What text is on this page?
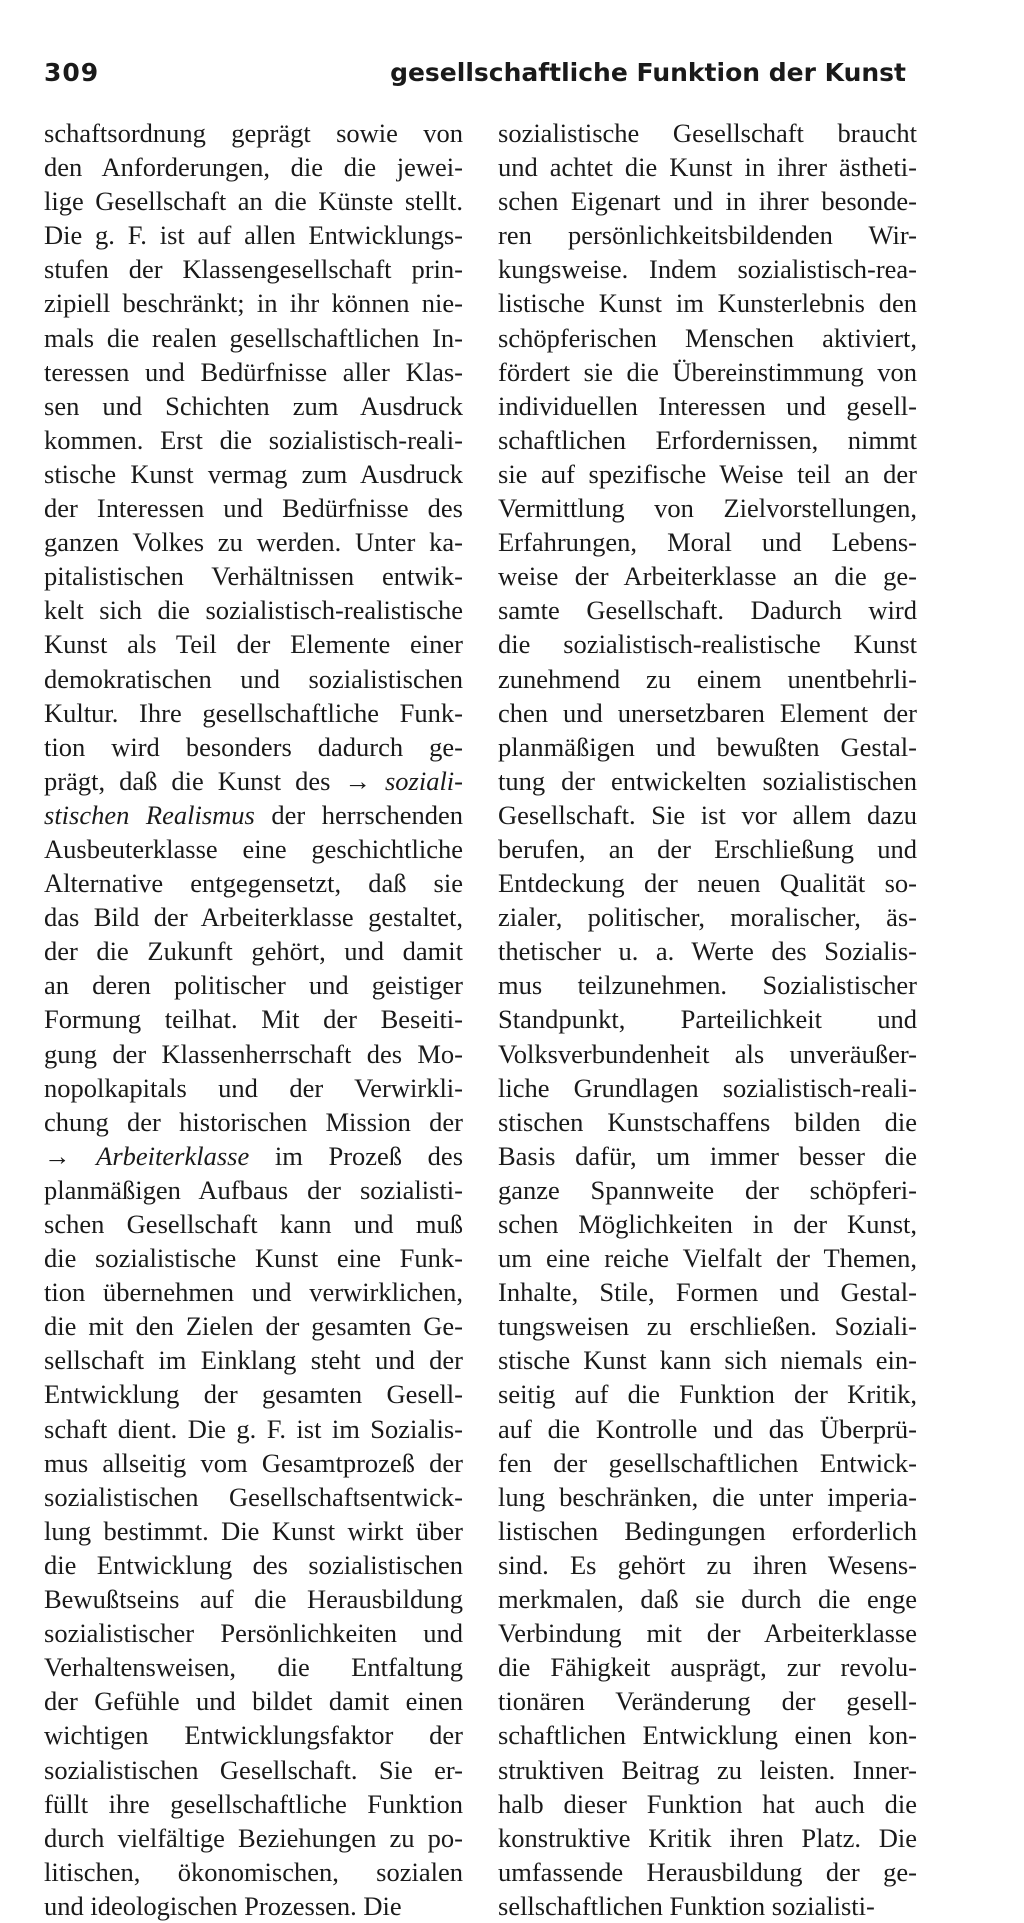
309	gesellschaftliche Funktion der Kunst
schaftsordnung geprägt sowie von
den Anforderungen, die die jewei-
lige Gesellschaft an die Künste stellt.
Die g. F. ist auf allen Entwicklungs-
stufen der Klassengesellschaft prin-
zipiell beschränkt; in ihr können nie-
mals die realen gesellschaftlichen In-
teressen und Bedürfnisse aller Klas-
sen und Schichten zum Ausdruck
kommen. Erst die sozialistisch-reali-
stische Kunst vermag zum Ausdruck
der Interessen und Bedürfnisse des
ganzen Volkes zu werden. Unter ka-
pitalistischen Verhältnissen entwik-
kelt sich die sozialistisch-realistische
Kunst als Teil der Elemente einer
demokratischen und sozialistischen
Kultur. Ihre gesellschaftliche Funk-
tion wird besonders dadurch ge-
prägt, daß die Kunst des → soziali-
stischen Realismus der herrschenden
Ausbeuterklasse eine geschichtliche
Alternative entgegensetzt, daß sie
das Bild der Arbeiterklasse gestaltet,
der die Zukunft gehört, und damit
an deren politischer und geistiger
Formung teilhat. Mit der Beseiti-
gung der Klassenherrschaft des Mo-
nopolkapitals und der Verwirkli-
chung der historischen Mission der
→ Arbeiterklasse im Prozeß des
planmäßigen Aufbaus der sozialisti-
schen Gesellschaft kann und muß
die sozialistische Kunst eine Funk-
tion übernehmen und verwirklichen,
die mit den Zielen der gesamten Ge-
sellschaft im Einklang steht und der
Entwicklung der gesamten Gesell-
schaft dient. Die g. F. ist im Sozialis-
mus allseitig vom Gesamtprozeß der
sozialistischen Gesellschaftsentwick-
lung bestimmt. Die Kunst wirkt über
die Entwicklung des sozialistischen
Bewußtseins auf die Herausbildung
sozialistischer Persönlichkeiten und
Verhaltensweisen, die Entfaltung
der Gefühle und bildet damit einen
wichtigen Entwicklungsfaktor der
sozialistischen Gesellschaft. Sie er-
füllt ihre gesellschaftliche Funktion
durch vielfältige Beziehungen zu po-
litischen, ökonomischen, sozialen
und ideologischen Prozessen. Die
sozialistische Gesellschaft braucht
und achtet die Kunst in ihrer ästheti-
schen Eigenart und in ihrer besonde-
ren persönlichkeitsbildenden Wir-
kungsweise. Indem sozialistisch-rea-
listische Kunst im Kunsterlebnis den
schöpferischen Menschen aktiviert,
fördert sie die Übereinstimmung von
individuellen Interessen und gesell-
schaftlichen Erfordernissen, nimmt
sie auf spezifische Weise teil an der
Vermittlung von Zielvorstellungen,
Erfahrungen, Moral und Lebens-
weise der Arbeiterklasse an die ge-
samte Gesellschaft. Dadurch wird
die sozialistisch-realistische Kunst
zunehmend zu einem unentbehrli-
chen und unersetzbaren Element der
planmäßigen und bewußten Gestal-
tung der entwickelten sozialistischen
Gesellschaft. Sie ist vor allem dazu
berufen, an der Erschließung und
Entdeckung der neuen Qualität so-
zialer, politischer, moralischer, äs-
thetischer u. a. Werte des Sozialis-
mus teilzunehmen. Sozialistischer
Standpunkt, Parteilichkeit und
Volksverbundenheit als unveräußer-
liche Grundlagen sozialistisch-reali-
stischen Kunstschaffens bilden die
Basis dafür, um immer besser die
ganze Spannweite der schöpferi-
schen Möglichkeiten in der Kunst,
um eine reiche Vielfalt der Themen,
Inhalte, Stile, Formen und Gestal-
tungsweisen zu erschließen. Soziali-
stische Kunst kann sich niemals ein-
seitig auf die Funktion der Kritik,
auf die Kontrolle und das Überprü-
fen der gesellschaftlichen Entwick-
lung beschränken, die unter imperia-
listischen Bedingungen erforderlich
sind. Es gehört zu ihren Wesens-
merkmalen, daß sie durch die enge
Verbindung mit der Arbeiterklasse
die Fähigkeit ausprägt, zur revolu-
tionären Veränderung der gesell-
schaftlichen Entwicklung einen kon-
struktiven Beitrag zu leisten. Inner-
halb dieser Funktion hat auch die
konstruktive Kritik ihren Platz. Die
umfassende Herausbildung der ge-
sellschaftlichen Funktion sozialisti-
